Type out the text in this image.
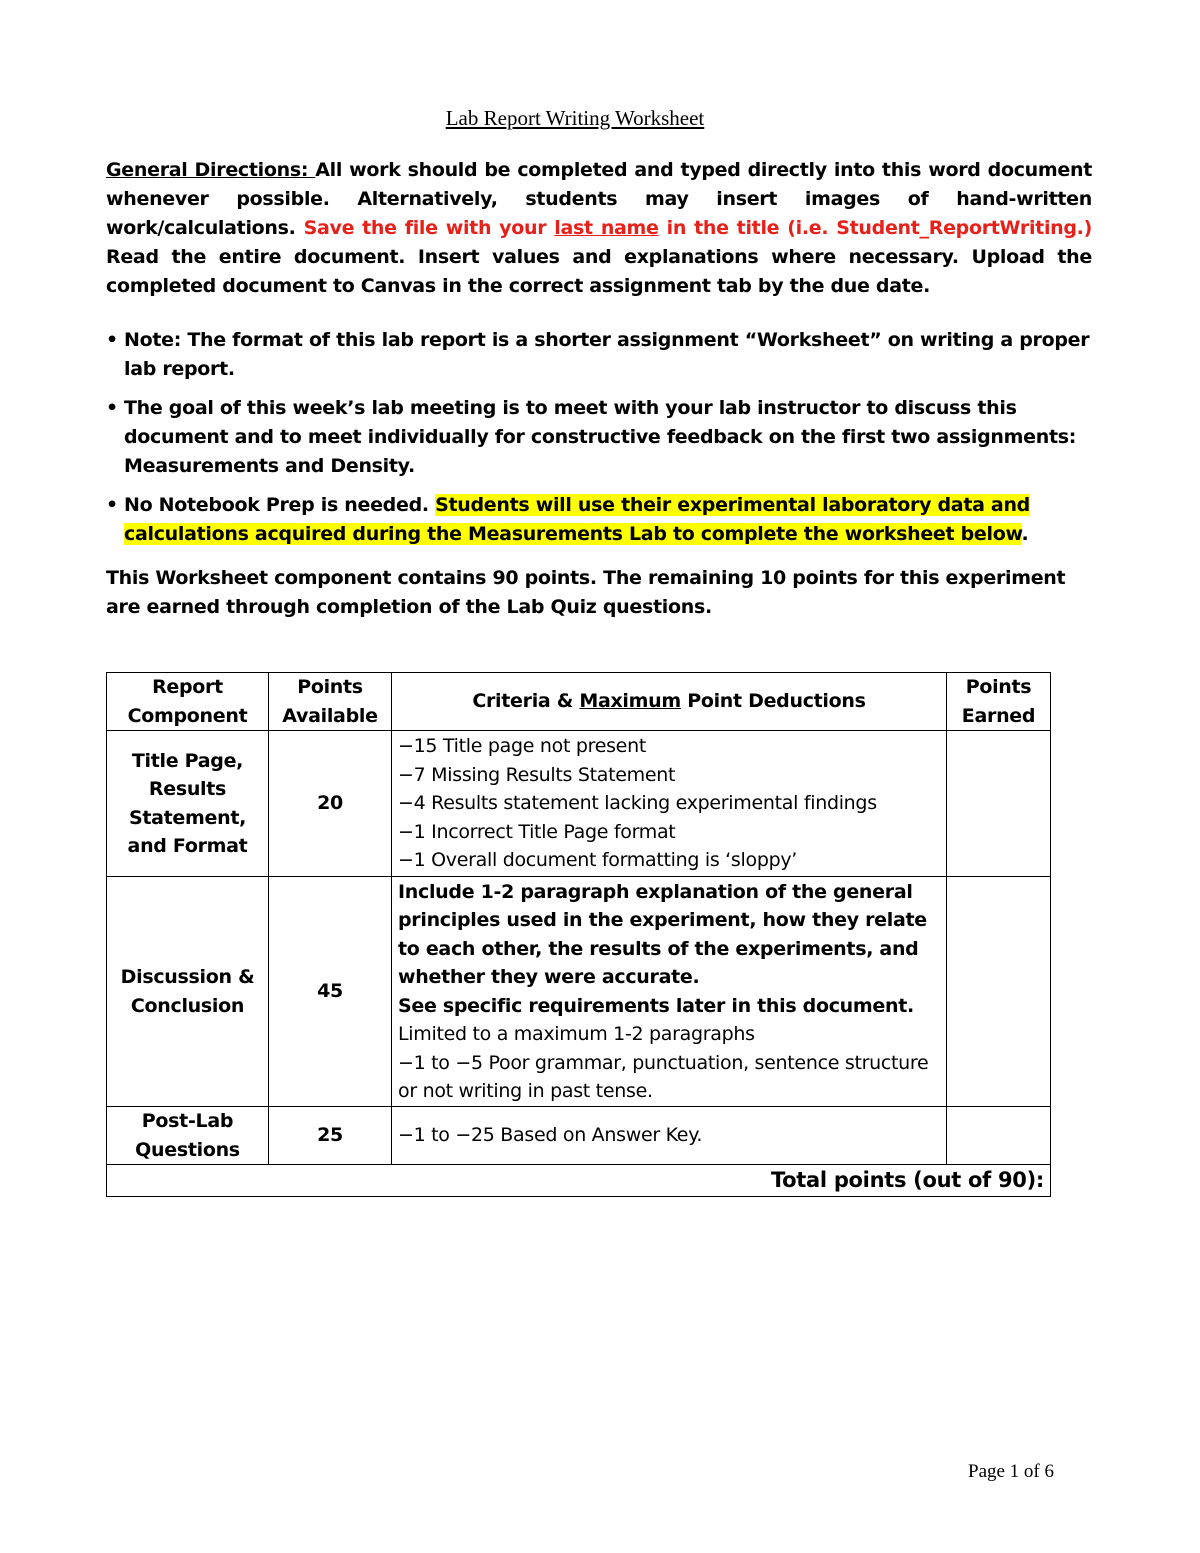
Lab Report Writing Worksheet
General Directions: All work should be completed and typed directly into this word document whenever possible. Alternatively, students may insert images of hand-written work/calculations. Save the file with your last name in the title (i.e. Student_ReportWriting.) Read the entire document. Insert values and explanations where necessary. Upload the completed document to Canvas in the correct assignment tab by the due date.
• Note: The format of this lab report is a shorter assignment “Worksheet” on writing a proper lab report.
• The goal of this week’s lab meeting is to meet with your lab instructor to discuss this document and to meet individually for constructive feedback on the first two assignments: Measurements and Density.
• No Notebook Prep is needed. Students will use their experimental laboratory data and calculations acquired during the Measurements Lab to complete the worksheet below.
This Worksheet component contains 90 points. The remaining 10 points for this experiment are earned through completion of the Lab Quiz questions.
Report Component	Points Available	Criteria & Maximum Point Deductions	Points Earned
Title Page, Results Statement, and Format	20	−15 Title page not present
−7 Missing Results Statement
−4 Results statement lacking experimental findings
−1 Incorrect Title Page format
−1 Overall document formatting is ‘sloppy’	

Discussion & Conclusion	45	Include 1-2 paragraph explanation of the general principles used in the experiment, how they relate to each other, the results of the experiments, and whether they were accurate.
See specific requirements later in this document.
Limited to a maximum 1-2 paragraphs
−1 to −5 Poor grammar, punctuation, sentence structure or not writing in past tense.	

Post-Lab Questions	25	−1 to −25 Based on Answer Key.	

Total points (out of 90):			
Page 1 of 6
